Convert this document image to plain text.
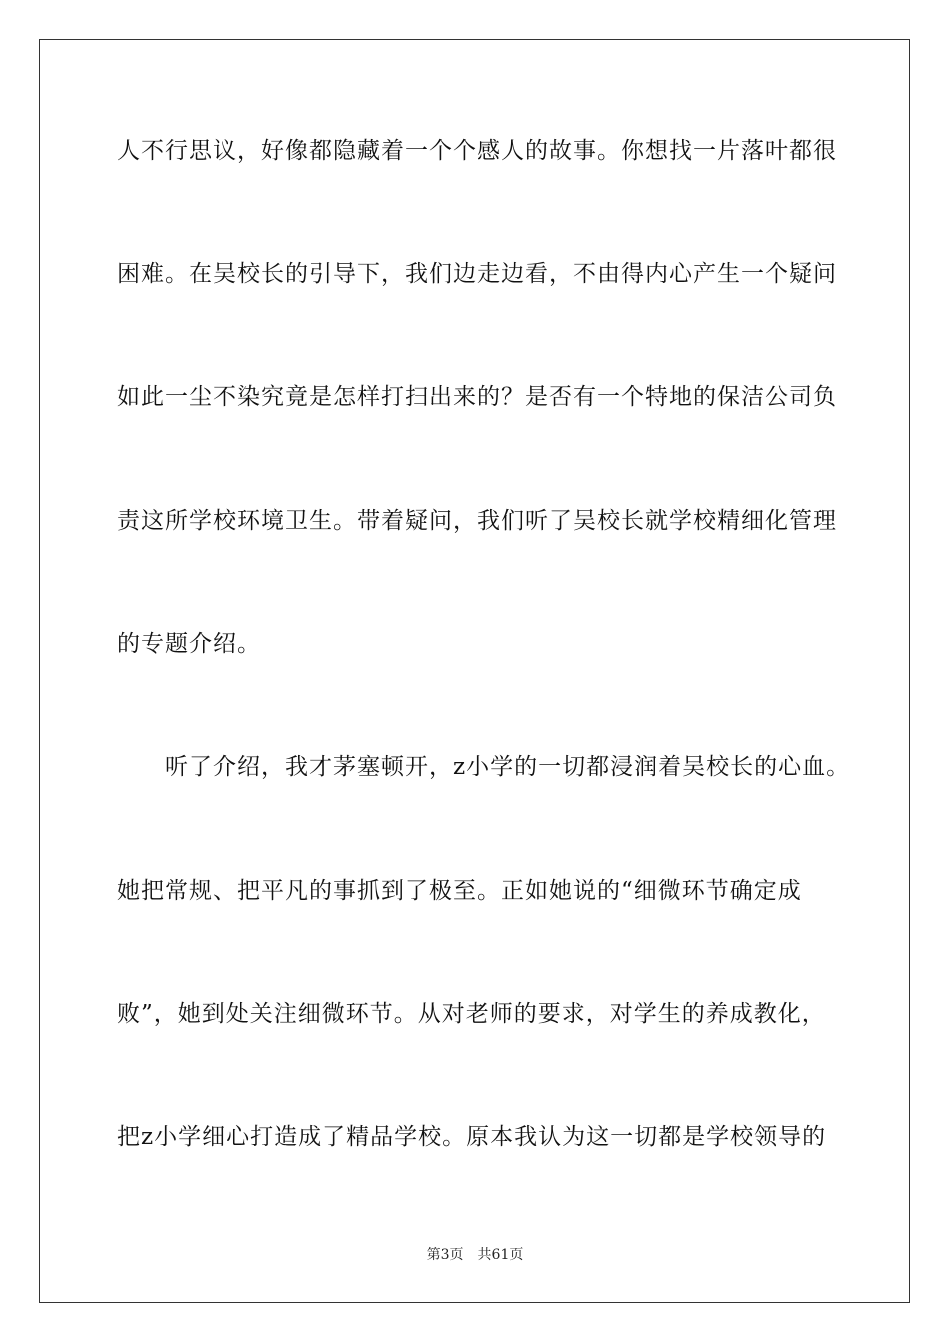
人不行思议，好像都隐藏着一个个感人的故事。你想找一片落叶都很
困难。在吴校长的引导下，我们边走边看，不由得内心产生一个疑问
如此一尘不染究竟是怎样打扫出来的？是否有一个特地的保洁公司负
责这所学校环境卫生。带着疑问，我们听了吴校长就学校精细化管理
的专题介绍。
听了介绍，我才茅塞顿开，z小学的一切都浸润着吴校长的心血。
她把常规、把平凡的事抓到了极至。正如她说的“细微环节确定成
败”，她到处关注细微环节。从对老师的要求，对学生的养成教化，
把z小学细心打造成了精品学校。原本我认为这一切都是学校领导的
第3页 共61页
